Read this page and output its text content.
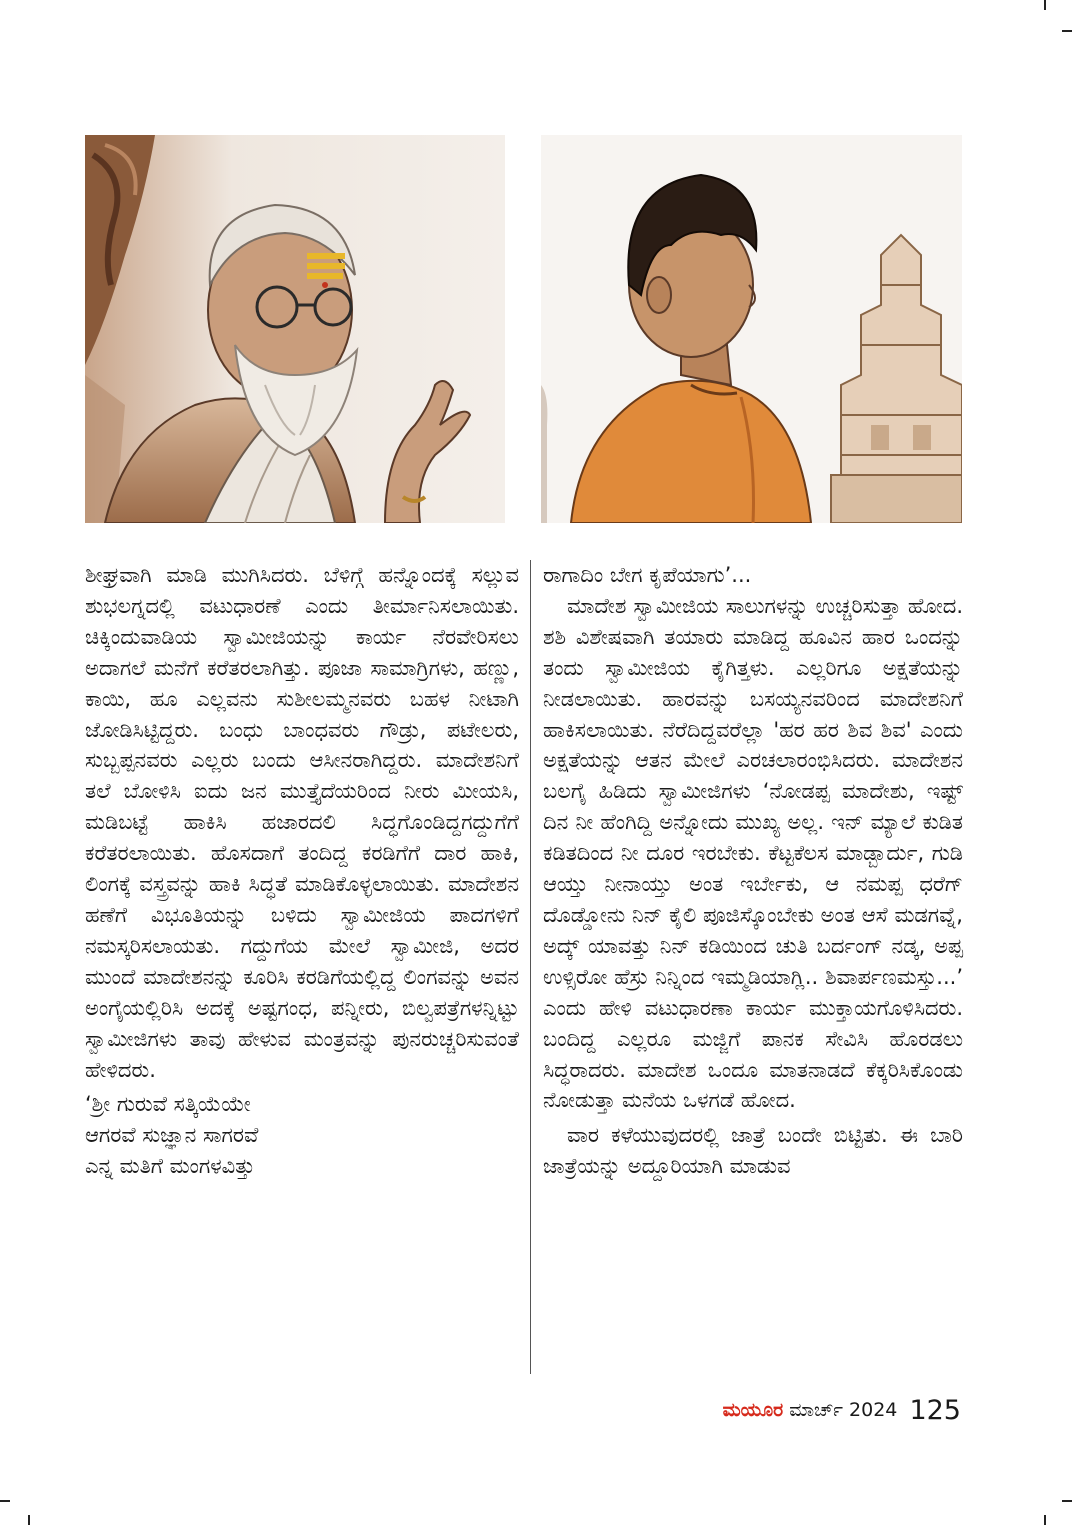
ಶೀಘ್ರವಾಗಿ ಮಾಡಿ ಮುಗಿಸಿದರು. ಬೆಳಿಗ್ಗೆ ಹನ್ನೊಂದಕ್ಕೆ ಸಲ್ಲುವ ಶುಭಲಗ್ನದಲ್ಲಿ ವಟುಧಾರಣೆ ಎಂದು ತೀರ್ಮಾನಿಸಲಾಯಿತು. ಚಿಕ್ಕಿಂದುವಾಡಿಯ ಸ್ವಾಮೀಜಿಯನ್ನು ಕಾರ್ಯ ನೆರವೇರಿಸಲು ಅದಾಗಲೆ ಮನೆಗೆ ಕರೆತರಲಾಗಿತ್ತು. ಪೂಜಾ ಸಾಮಾಗ್ರಿಗಳು, ಹಣ್ಣು, ಕಾಯಿ, ಹೂ ಎಲ್ಲವನು ಸುಶೀಲಮ್ಮನವರು ಬಹಳ ನೀಟಾಗಿ ಜೋಡಿಸಿಟ್ಟಿದ್ದರು. ಬಂಧು ಬಾಂಧವರು ಗೌಡ್ರು, ಪಟೇಲರು, ಸುಬ್ಬಪ್ಪನವರು ಎಲ್ಲರು ಬಂದು ಆಸೀನರಾಗಿದ್ದರು. ಮಾದೇಶನಿಗೆ ತಲೆ ಬೋಳಿಸಿ ಐದು ಜನ ಮುತ್ತೈದೆಯರಿಂದ ನೀರು ಮೀಯಸಿ, ಮಡಿಬಟ್ಟೆ ಹಾಕಿಸಿ ಹಜಾರದಲಿ ಸಿದ್ಧಗೊಂಡಿದ್ದಗದ್ದುಗೆಗೆ ಕರೆತರಲಾಯಿತು. ಹೊಸದಾಗೆ ತಂದಿದ್ದ ಕರಡಿಗೆಗೆ ದಾರ ಹಾಕಿ, ಲಿಂಗಕ್ಕೆ ವಸ್ತ್ರವನ್ನು ಹಾಕಿ ಸಿದ್ಧತೆ ಮಾಡಿಕೊಳ್ಳಲಾಯಿತು. ಮಾದೇಶನ ಹಣೆಗೆ ವಿಭೂತಿಯನ್ನು ಬಳಿದು ಸ್ವಾಮೀಜಿಯ ಪಾದಗಳಿಗೆ ನಮಸ್ಕರಿಸಲಾಯತು. ಗದ್ದುಗೆಯ ಮೇಲೆ ಸ್ವಾಮೀಜಿ, ಅದರ ಮುಂದೆ ಮಾದೇಶನನ್ನು ಕೂರಿಸಿ ಕರಡಿಗೆಯಲ್ಲಿದ್ದ ಲಿಂಗವನ್ನು ಅವನ ಅಂಗೈಯಲ್ಲಿರಿಸಿ ಅದಕ್ಕೆ ಅಷ್ಟಗಂಧ, ಪನ್ನೀರು, ಬಿಲ್ವಪತ್ರೆಗಳನ್ನಿಟ್ಟು ಸ್ವಾಮೀಜಿಗಳು ತಾವು ಹೇಳುವ ಮಂತ್ರವನ್ನು ಪುನರುಚ್ಚರಿಸುವಂತೆ ಹೇಳಿದರು.

‘ಶ್ರೀ ಗುರುವೆ ಸತ್ಕಿಯೆಯೇ

ಆಗರವೆ ಸುಜ್ಞಾನ ಸಾಗರವೆ

ಎನ್ನ ಮತಿಗೆ ಮಂಗಳವಿತ್ತು

ರಾಗಾದಿಂ ಬೇಗ ಕೃಪೆಯಾಗು’...

ಮಾದೇಶ ಸ್ವಾಮೀಜಿಯ ಸಾಲುಗಳನ್ನು ಉಚ್ಚರಿಸುತ್ತಾ ಹೋದ. ಶಶಿ ವಿಶೇಷವಾಗಿ ತಯಾರು ಮಾಡಿದ್ದ ಹೂವಿನ ಹಾರ ಒಂದನ್ನು ತಂದು ಸ್ವಾಮೀಜಿಯ ಕೈಗಿತ್ತಳು. ಎಲ್ಲರಿಗೂ ಅಕ್ಷತೆಯನ್ನು ನೀಡಲಾಯಿತು. ಹಾರವನ್ನು ಬಸಯ್ಯನವರಿಂದ ಮಾದೇಶನಿಗೆ ಹಾಕಿಸಲಾಯಿತು. ನೆರೆದಿದ್ದವರೆಲ್ಲಾ 'ಹರ ಹರ ಶಿವ ಶಿವ' ಎಂದು ಅಕ್ಷತೆಯನ್ನು ಆತನ ಮೇಲೆ ಎರಚಲಾರಂಭಿಸಿದರು. ಮಾದೇಶನ ಬಲಗೈ ಹಿಡಿದು ಸ್ವಾಮೀಜಿಗಳು ‘ನೋಡಪ್ಪ ಮಾದೇಶು, ಇಷ್ಟ್ ದಿನ ನೀ ಹೆಂಗಿದ್ದಿ ಅನ್ನೋದು ಮುಖ್ಯ ಅಲ್ಲ. ಇನ್ ಮ್ಯಾಲೆ ಕುಡಿತ ಕಡಿತದಿಂದ ನೀ ದೂರ ಇರಬೇಕು. ಕೆಟ್ಟಕೆಲಸ ಮಾಡ್ಬಾರ್ದು, ಗುಡಿ ಆಯ್ತು ನೀನಾಯ್ತು ಅಂತ ಇರ್ಬೇಕು, ಆ ನಮಪ್ಪ ಧರೆಗ್ ದೊಡ್ಡೋನು ನಿನ್ ಕೈಲಿ ಪೂಜಿಸ್ಕೊಂಬೇಕು ಅಂತ ಆಸೆ ಮಡಗವ್ನೆ, ಅದ್ಕ್ ಯಾವತ್ತು ನಿನ್ ಕಡಿಯಿಂದ ಚುತಿ ಬರ್ದಂಗ್ ನಡ್ಕ, ಅಪ್ಪ ಉಳ್ಸಿರೋ ಹೆಸ್ರು ನಿನ್ನಿಂದ ಇಮ್ಮಡಿಯಾಗ್ಲಿ.. ಶಿವಾರ್ಪಣಮಸ್ತು...’ ಎಂದು ಹೇಳಿ ವಟುಧಾರಣಾ ಕಾರ್ಯ ಮುಕ್ತಾಯಗೊಳಿಸಿದರು. ಬಂದಿದ್ದ ಎಲ್ಲರೂ ಮಜ್ಜಿಗೆ ಪಾನಕ ಸೇವಿಸಿ ಹೊರಡಲು ಸಿದ್ಧರಾದರು. ಮಾದೇಶ ಒಂದೂ ಮಾತನಾಡದೆ ಕೆಕ್ಕರಿಸಿಕೊಂಡು ನೋಡುತ್ತಾ ಮನೆಯ ಒಳಗಡೆ ಹೋದ.

ವಾರ ಕಳೆಯುವುದರಲ್ಲಿ ಜಾತ್ರೆ ಬಂದೇ ಬಿಟ್ಟಿತು. ಈ ಬಾರಿ ಜಾತ್ರೆಯನ್ನು ಅದ್ದೂರಿಯಾಗಿ ಮಾಡುವ

ಮಯೂರ ಮಾರ್ಚ್ 2024 125
